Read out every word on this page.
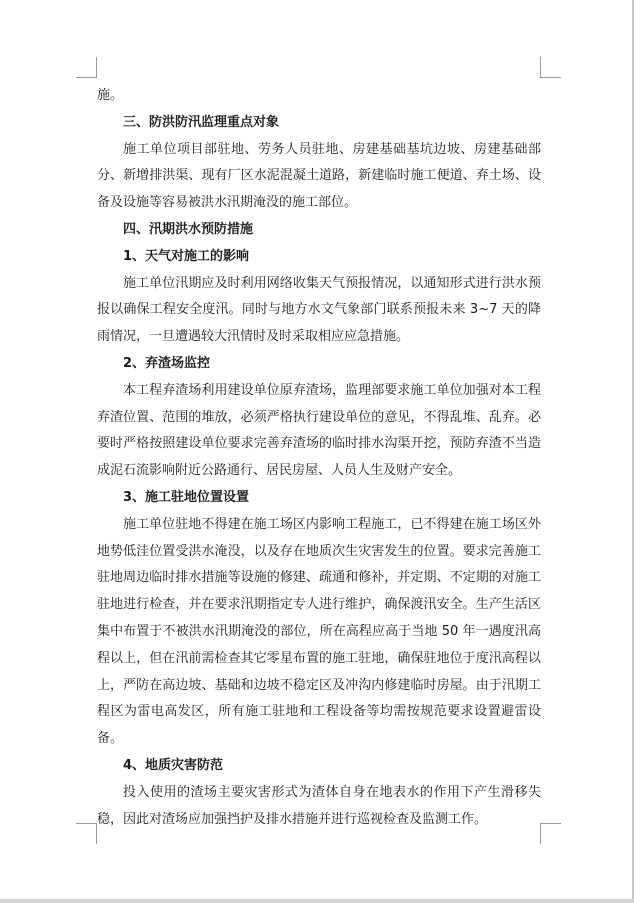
施。

三、防洪防汛监理重点对象

施工单位项目部驻地、劳务人员驻地、房建基础基坑边坡、房建基础部分、新增排洪渠、现有厂区水泥混凝土道路，新建临时施工便道、弃土场、设备及设施等容易被洪水汛期淹没的施工部位。

四、汛期洪水预防措施

1、天气对施工的影响

施工单位汛期应及时利用网络收集天气预报情况，以通知形式进行洪水预报以确保工程安全度汛。同时与地方水文气象部门联系预报未来 3~7 天的降雨情况，一旦遭遇较大汛情时及时采取相应应急措施。

2、弃渣场监控

本工程弃渣场利用建设单位原弃渣场，监理部要求施工单位加强对本工程弃渣位置、范围的堆放，必须严格执行建设单位的意见，不得乱堆、乱弃。必要时严格按照建设单位要求完善弃渣场的临时排水沟渠开挖，预防弃渣不当造成泥石流影响附近公路通行、居民房屋、人员人生及财产安全。

3、施工驻地位置设置

施工单位驻地不得建在施工场区内影响工程施工，已不得建在施工场区外地势低洼位置受洪水淹没，以及存在地质次生灾害发生的位置。要求完善施工驻地周边临时排水措施等设施的修建、疏通和修补，并定期、不定期的对施工驻地进行检查，并在要求汛期指定专人进行维护，确保渡汛安全。生产生活区集中布置于不被洪水汛期淹没的部位，所在高程应高于当地 50 年一遇度汛高程以上，但在汛前需检查其它零星布置的施工驻地，确保驻地位于度汛高程以上，严防在高边坡、基础和边坡不稳定区及冲沟内修建临时房屋。由于汛期工程区为雷电高发区，所有施工驻地和工程设备等均需按规范要求设置避雷设备。

4、地质灾害防范

投入使用的渣场主要灾害形式为渣体自身在地表水的作用下产生滑移失稳，因此对渣场应加强挡护及排水措施并进行巡视检查及监测工作。
